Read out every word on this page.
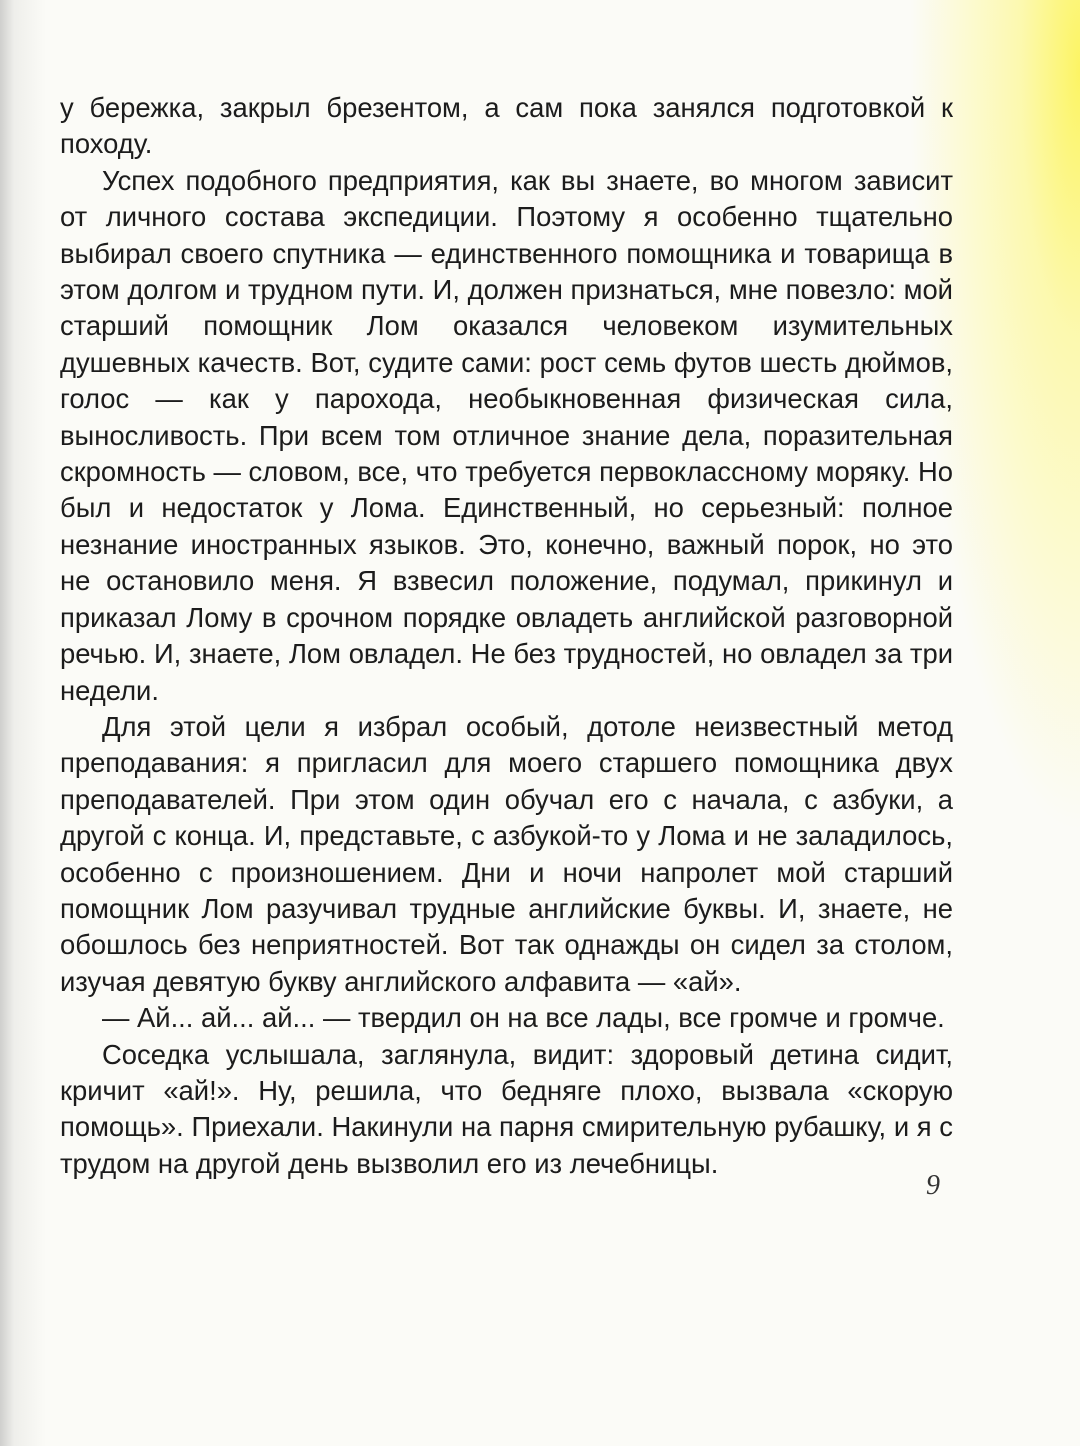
у бережка, закрыл брезентом, а сам пока занялся подготовкой к походу.

Успех подобного предприятия, как вы знаете, во многом зависит от личного состава экспедиции. Поэтому я особенно тщательно выбирал своего спутника — единственного помощника и товарища в этом долгом и трудном пути. И, должен признаться, мне повезло: мой старший помощник Лом оказался человеком изумительных душевных качеств. Вот, судите сами: рост семь футов шесть дюймов, голос — как у парохода, необыкновенная физическая сила, выносливость. При всем том отличное знание дела, поразительная скромность — словом, все, что требуется первоклассному моряку. Но был и недостаток у Лома. Единственный, но серьезный: полное незнание иностранных языков. Это, конечно, важный порок, но это не остановило меня. Я взвесил положение, подумал, прикинул и приказал Лому в срочном порядке овладеть английской разговорной речью. И, знаете, Лом овладел. Не без трудностей, но овладел за три недели.

Для этой цели я избрал особый, дотоле неизвестный метод преподавания: я пригласил для моего старшего помощника двух преподавателей. При этом один обучал его с начала, с азбуки, а другой с конца. И, представьте, с азбукой-то у Лома и не заладилось, особенно с произношением. Дни и ночи напролет мой старший помощник Лом разучивал трудные английские буквы. И, знаете, не обошлось без неприятностей. Вот так однажды он сидел за столом, изучая девятую букву английского алфавита — «ай».

— Ай... ай... ай... — твердил он на все лады, все громче и громче.

Соседка услышала, заглянула, видит: здоровый детина сидит, кричит «ай!». Ну, решила, что бедняге плохо, вызвала «скорую помощь». Приехали. Накинули на парня смирительную рубашку, и я с трудом на другой день вызволил его из лечебницы.

9
